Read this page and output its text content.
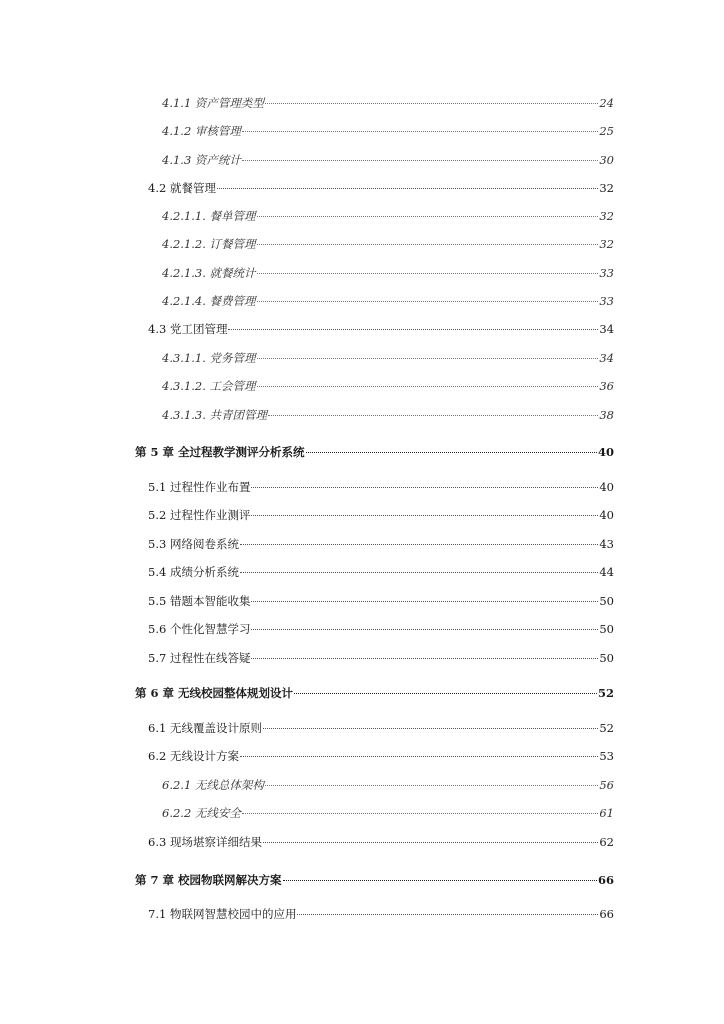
4.1.1 资产管理类型	24
4.1.2 审核管理	25
4.1.3 资产统计	30
4.2 就餐管理	32
4.2.1.1. 餐单管理	32
4.2.1.2. 订餐管理	32
4.2.1.3. 就餐统计	33
4.2.1.4. 餐费管理	33
4.3 党工团管理	34
4.3.1.1. 党务管理	34
4.3.1.2. 工会管理	36
4.3.1.3. 共青团管理	38
第 5 章 全过程教学测评分析系统	40
5.1 过程性作业布置	40
5.2 过程性作业测评	40
5.3 网络阅卷系统	43
5.4 成绩分析系统	44
5.5 错题本智能收集	50
5.6 个性化智慧学习	50
5.7 过程性在线答疑	50
第 6 章 无线校园整体规划设计	52
6.1 无线覆盖设计原则	52
6.2 无线设计方案	53
6.2.1 无线总体架构	56
6.2.2 无线安全	61
6.3 现场堪察详细结果	62
第 7 章 校园物联网解决方案	66
7.1 物联网智慧校园中的应用	66
